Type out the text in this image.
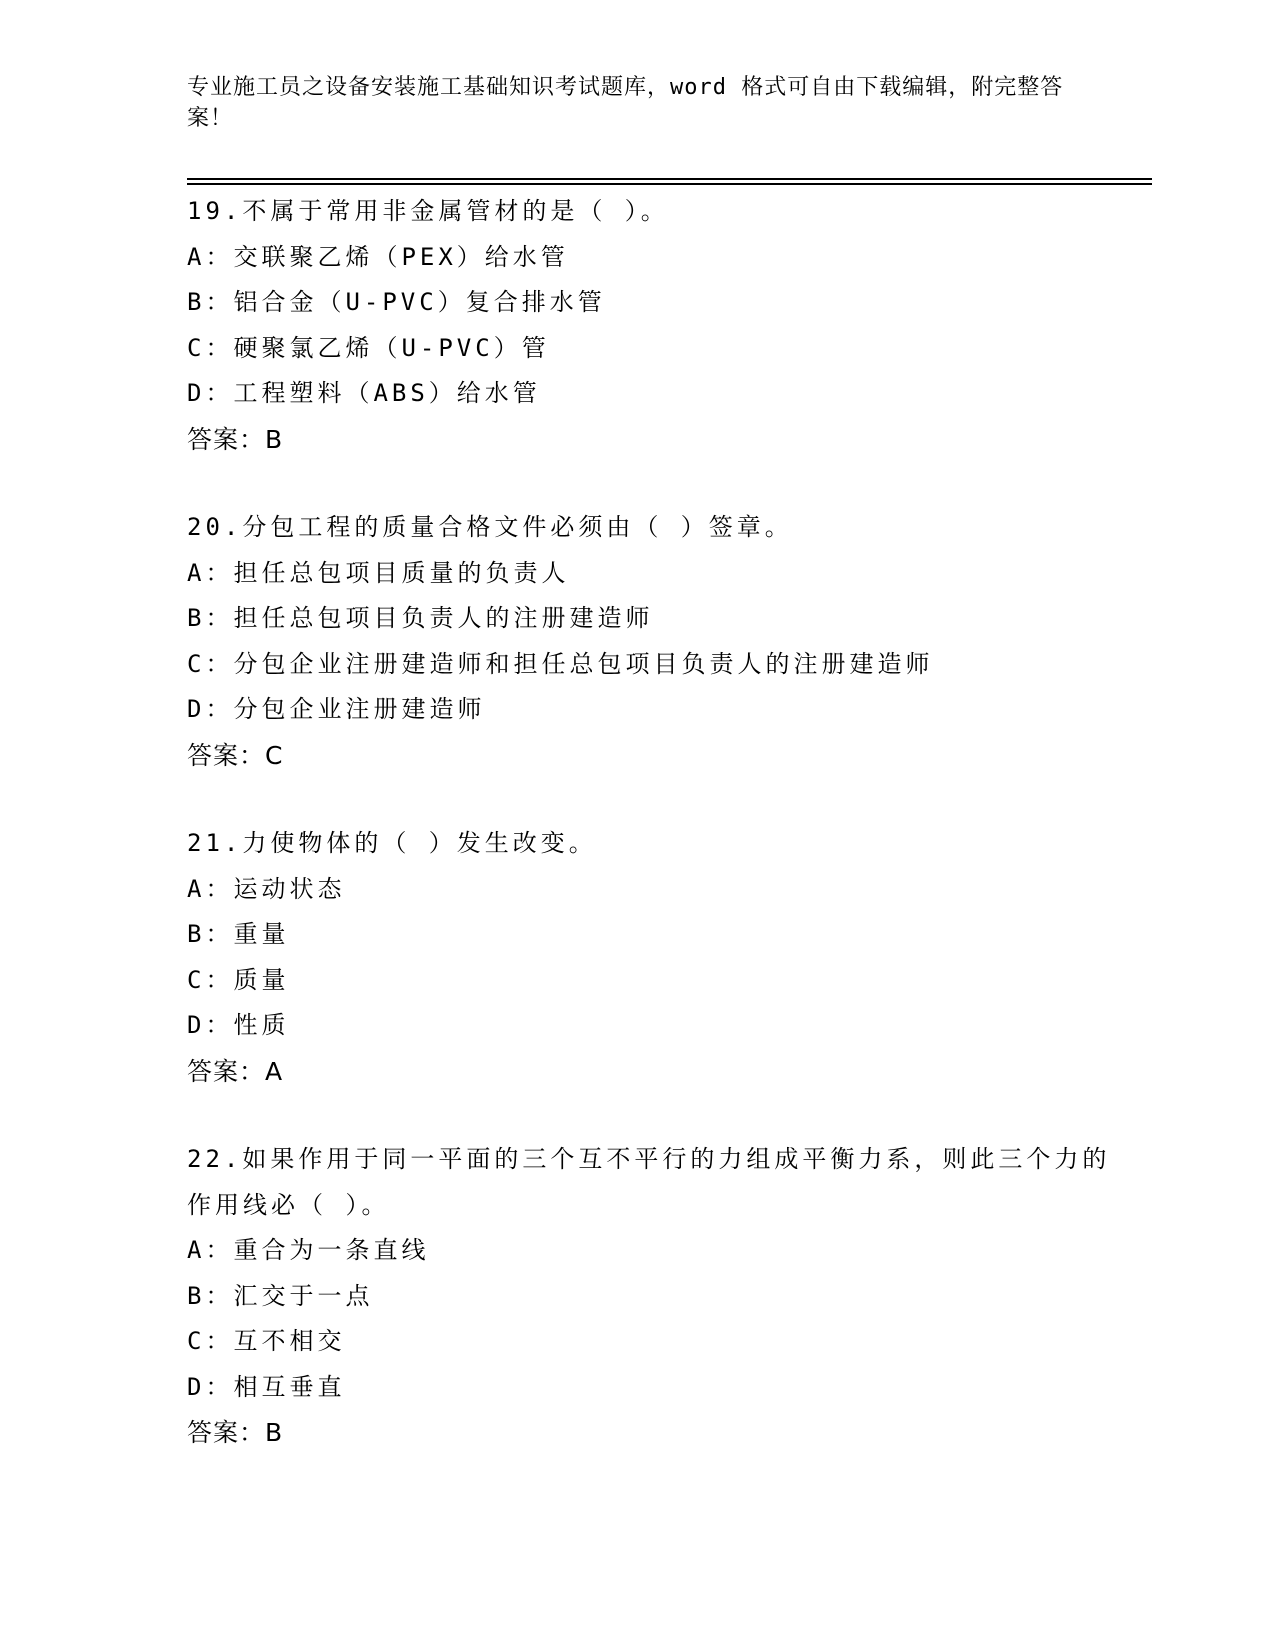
专业施工员之设备安装施工基础知识考试题库，word 格式可自由下载编辑，附完整答案！
19.不属于常用非金属管材的是（ ）。
A：交联聚乙烯（PEX）给水管
B：铝合金（U-PVC）复合排水管
C：硬聚氯乙烯（U-PVC）管
D：工程塑料（ABS）给水管
答案：B
20.分包工程的质量合格文件必须由（ ）签章。
A：担任总包项目质量的负责人
B：担任总包项目负责人的注册建造师
C：分包企业注册建造师和担任总包项目负责人的注册建造师
D：分包企业注册建造师
答案：C
21.力使物体的（ ）发生改变。
A：运动状态
B：重量
C：质量
D：性质
答案：A
22.如果作用于同一平面的三个互不平行的力组成平衡力系，则此三个力的作用线必（ ）。
A：重合为一条直线
B：汇交于一点
C：互不相交
D：相互垂直
答案：B
